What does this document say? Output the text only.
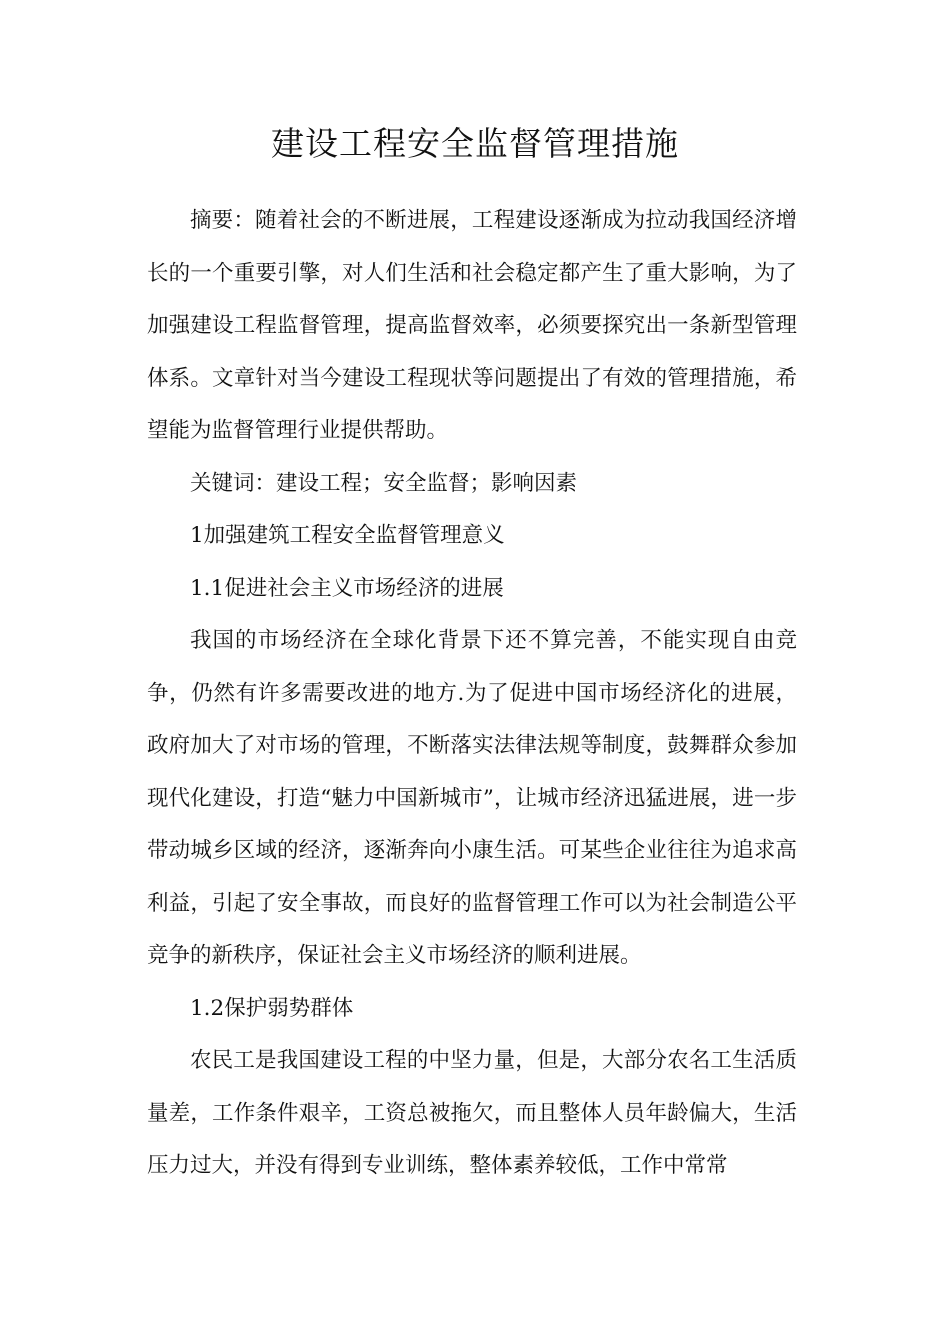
建设工程安全监督管理措施

摘要：随着社会的不断进展，工程建设逐渐成为拉动我国经济增长的一个重要引擎，对人们生活和社会稳定都产生了重大影响，为了加强建设工程监督管理，提高监督效率，必须要探究出一条新型管理体系。文章针对当今建设工程现状等问题提出了有效的管理措施，希望能为监督管理行业提供帮助。

关键词：建设工程；安全监督；影响因素

1加强建筑工程安全监督管理意义

1.1促进社会主义市场经济的进展

我国的市场经济在全球化背景下还不算完善，不能实现自由竞争，仍然有许多需要改进的地方.为了促进中国市场经济化的进展，政府加大了对市场的管理，不断落实法律法规等制度，鼓舞群众参加现代化建设，打造“魅力中国新城市”，让城市经济迅猛进展，进一步带动城乡区域的经济，逐渐奔向小康生活。可某些企业往往为追求高利益，引起了安全事故，而良好的监督管理工作可以为社会制造公平竞争的新秩序，保证社会主义市场经济的顺利进展。

1.2保护弱势群体

农民工是我国建设工程的中坚力量，但是，大部分农名工生活质量差，工作条件艰辛，工资总被拖欠，而且整体人员年龄偏大，生活压力过大，并没有得到专业训练，整体素养较低，工作中常常
